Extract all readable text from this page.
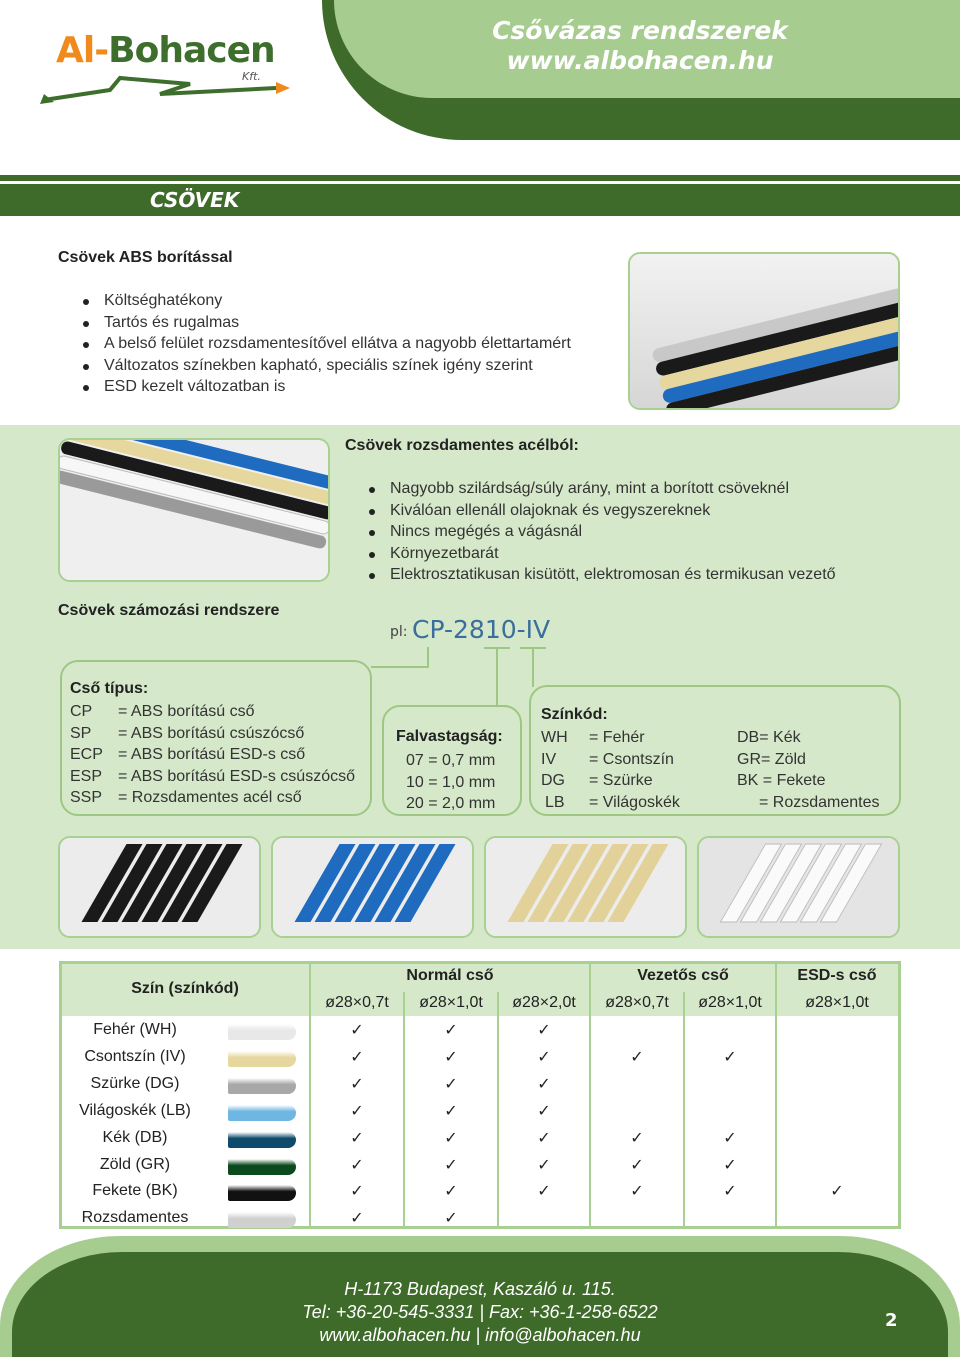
Al-Bohacen
Kft.
Csővázas rendszerek
www.albohacen.hu
CSÖVEK
Csövek ABS borítással
Költséghatékony
Tartós és rugalmas
A belső felület rozsdamentesítővel ellátva a nagyobb élettartamért
Változatos színekben kapható, speciális színek igény szerint
ESD kezelt változatban is
Csövek rozsdamentes acélból:
Nagyobb szilárdság/súly arány, mint a borított csöveknél
Kiválóan ellenáll olajoknak és vegyszereknek
Nincs megégés a vágásnál
Környezetbarát
Elektrosztatikusan kisütött, elektromosan és termikusan vezető
Csövek számozási rendszere
pl: CP-2810-IV
Cső típus:
CP = ABS borítású cső
SP = ABS borítású csúszócső
ECP = ABS borítású ESD-s cső
ESP = ABS borítású ESD-s csúszócső
SSP = Rozsdamentes acél cső
Falvastagság:
07 = 0,7 mm
10 = 1,0 mm
20 = 2,0 mm
Színkód:
WH = Fehér
IV = Csontszín
DG = Szürke
LB = Világoskék
DB= Kék
GR= Zöld
BK = Fekete
= Rozsdamentes
Szín (színkód)
Normál cső	Vezetős cső	ESD-s cső
ø28×0,7t	ø28×1,0t	ø28×2,0t	ø28×0,7t	ø28×1,0t	ø28×1,0t
Fehér (WH)	✓	✓	✓
Csontszín (IV)	✓	✓	✓	✓	✓
Szürke (DG)	✓	✓	✓
Világoskék (LB)	✓	✓	✓
Kék (DB)	✓	✓	✓	✓	✓
Zöld (GR)	✓	✓	✓	✓	✓
Fekete (BK)	✓	✓	✓	✓	✓	✓
Rozsdamentes	✓	✓
H-1173 Budapest, Kaszáló u. 115.
Tel: +36-20-545-3331 | Fax: +36-1-258-6522
www.albohacen.hu | info@albohacen.hu
2
